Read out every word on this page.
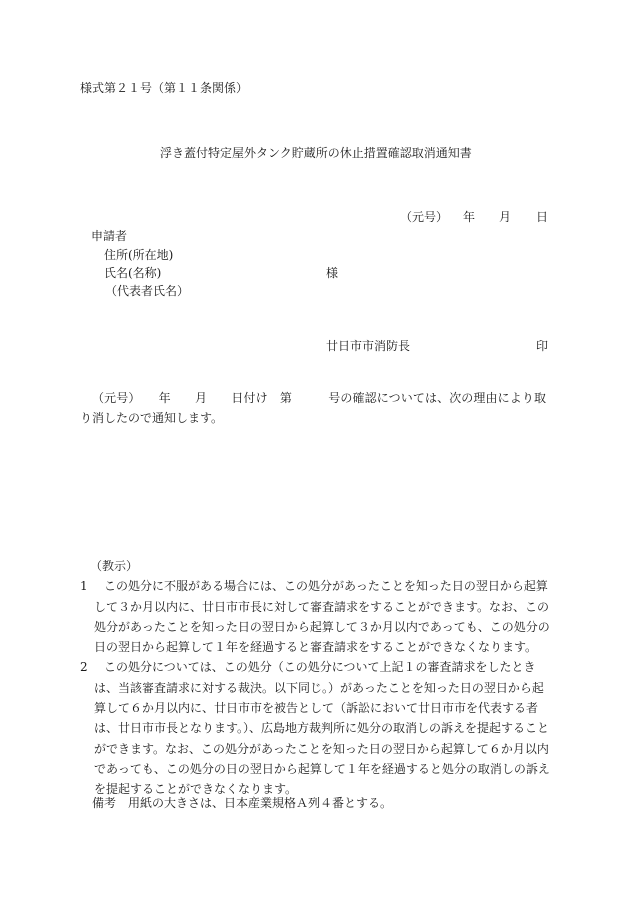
様式第２１号（第１１条関係）
浮き蓋付特定屋外タンク貯蔵所の休止措置確認取消通知書
（元号） 年 月 日
申請者
住所(所在地)
氏名(名称)	様
（代表者氏名）
廿日市市消防長	印
（元号）　　年　　月　　日付け　第　　　号の確認については、次の理由により取り消したので通知します。
（教示）
1	この処分に不服がある場合には、この処分があったことを知った日の翌日から起算して３か月以内に、廿日市市長に対して審査請求をすることができます。なお、この処分があったことを知った日の翌日から起算して３か月以内であっても、この処分の日の翌日から起算して１年を経過すると審査請求をすることができなくなります。
2	この処分については、この処分（この処分について上記１の審査請求をしたときは、当該審査請求に対する裁決。以下同じ。）があったことを知った日の翌日から起算して６か月以内に、廿日市市を被告として（訴訟において廿日市市を代表する者は、廿日市市長となります。）、広島地方裁判所に処分の取消しの訴えを提起することができます。なお、この処分があったことを知った日の翌日から起算して６か月以内であっても、この処分の日の翌日から起算して１年を経過すると処分の取消しの訴えを提起することができなくなります。
備考　用紙の大きさは、日本産業規格Ａ列４番とする。
